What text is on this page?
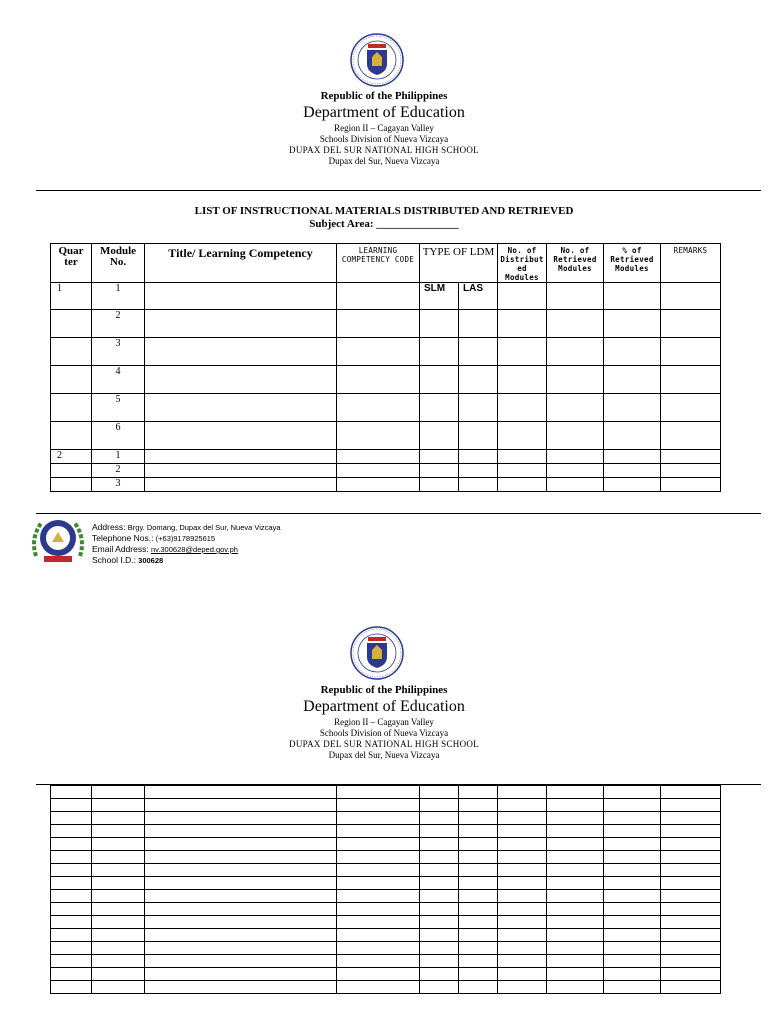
Republic of the Philippines
Department of Education
Region II – Cagayan Valley
Schools Division of Nueva Vizcaya
DUPAX DEL SUR NATIONAL HIGH SCHOOL
Dupax del Sur, Nueva Vizcaya
LIST OF INSTRUCTIONAL MATERIALS DISTRIBUTED AND RETRIEVED
Subject Area: _______________
Quar ter	Module No.	Title/ Learning Competency	LEARNING COMPETENCY CODE	TYPE OF LDM		No. of Distribut ed Modules	No. of Retrieved Modules	% of Retrieved Modules	REMARKS

1	1			SLM	LAS				
	2								
	3								
	4								
	5								
	6								
2	1								
	2								
	3								
Address: Brgy. Domang, Dupax del Sur, Nueva Vizcaya
Telephone Nos.: (+63)9178925615
Email Address: nv.300628@deped.gov.ph
School I.D.: 300628
Republic of the Philippines
Department of Education
Region II – Cagayan Valley
Schools Division of Nueva Vizcaya
DUPAX DEL SUR NATIONAL HIGH SCHOOL
Dupax del Sur, Nueva Vizcaya
